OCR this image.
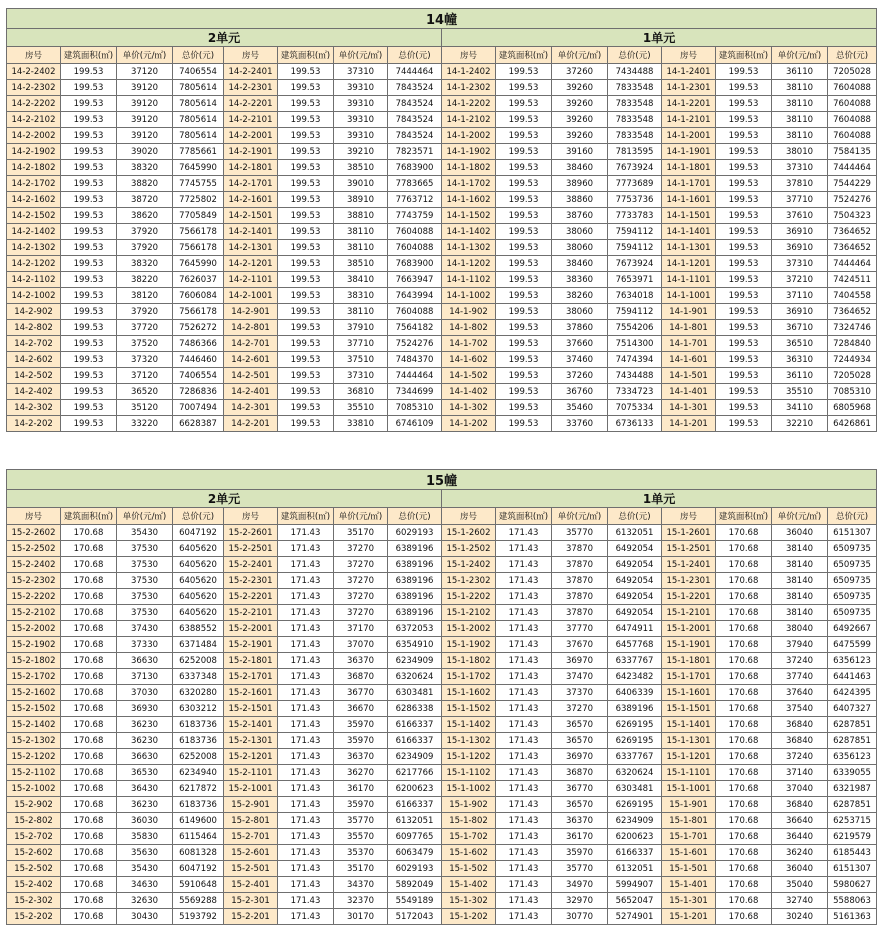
14幢															
2单元								1单元							
房号	建筑面积(㎡)	单价(元/㎡)	总价(元)	房号	建筑面积(㎡)	单价(元/㎡)	总价(元)	房号	建筑面积(㎡)	单价(元/㎡)	总价(元)	房号	建筑面积(㎡)	单价(元/㎡)	总价(元)
14-2-2402	199.53	37120	7406554	14-2-2401	199.53	37310	7444464	14-1-2402	199.53	37260	7434488	14-1-2401	199.53	36110	7205028
14-2-2302	199.53	39120	7805614	14-2-2301	199.53	39310	7843524	14-1-2302	199.53	39260	7833548	14-1-2301	199.53	38110	7604088
14-2-2202	199.53	39120	7805614	14-2-2201	199.53	39310	7843524	14-1-2202	199.53	39260	7833548	14-1-2201	199.53	38110	7604088
14-2-2102	199.53	39120	7805614	14-2-2101	199.53	39310	7843524	14-1-2102	199.53	39260	7833548	14-1-2101	199.53	38110	7604088
14-2-2002	199.53	39120	7805614	14-2-2001	199.53	39310	7843524	14-1-2002	199.53	39260	7833548	14-1-2001	199.53	38110	7604088
14-2-1902	199.53	39020	7785661	14-2-1901	199.53	39210	7823571	14-1-1902	199.53	39160	7813595	14-1-1901	199.53	38010	7584135
14-2-1802	199.53	38320	7645990	14-2-1801	199.53	38510	7683900	14-1-1802	199.53	38460	7673924	14-1-1801	199.53	37310	7444464
14-2-1702	199.53	38820	7745755	14-2-1701	199.53	39010	7783665	14-1-1702	199.53	38960	7773689	14-1-1701	199.53	37810	7544229
14-2-1602	199.53	38720	7725802	14-2-1601	199.53	38910	7763712	14-1-1602	199.53	38860	7753736	14-1-1601	199.53	37710	7524276
14-2-1502	199.53	38620	7705849	14-2-1501	199.53	38810	7743759	14-1-1502	199.53	38760	7733783	14-1-1501	199.53	37610	7504323
14-2-1402	199.53	37920	7566178	14-2-1401	199.53	38110	7604088	14-1-1402	199.53	38060	7594112	14-1-1401	199.53	36910	7364652
14-2-1302	199.53	37920	7566178	14-2-1301	199.53	38110	7604088	14-1-1302	199.53	38060	7594112	14-1-1301	199.53	36910	7364652
14-2-1202	199.53	38320	7645990	14-2-1201	199.53	38510	7683900	14-1-1202	199.53	38460	7673924	14-1-1201	199.53	37310	7444464
14-2-1102	199.53	38220	7626037	14-2-1101	199.53	38410	7663947	14-1-1102	199.53	38360	7653971	14-1-1101	199.53	37210	7424511
14-2-1002	199.53	38120	7606084	14-2-1001	199.53	38310	7643994	14-1-1002	199.53	38260	7634018	14-1-1001	199.53	37110	7404558
14-2-902	199.53	37920	7566178	14-2-901	199.53	38110	7604088	14-1-902	199.53	38060	7594112	14-1-901	199.53	36910	7364652
14-2-802	199.53	37720	7526272	14-2-801	199.53	37910	7564182	14-1-802	199.53	37860	7554206	14-1-801	199.53	36710	7324746
14-2-702	199.53	37520	7486366	14-2-701	199.53	37710	7524276	14-1-702	199.53	37660	7514300	14-1-701	199.53	36510	7284840
14-2-602	199.53	37320	7446460	14-2-601	199.53	37510	7484370	14-1-602	199.53	37460	7474394	14-1-601	199.53	36310	7244934
14-2-502	199.53	37120	7406554	14-2-501	199.53	37310	7444464	14-1-502	199.53	37260	7434488	14-1-501	199.53	36110	7205028
14-2-402	199.53	36520	7286836	14-2-401	199.53	36810	7344699	14-1-402	199.53	36760	7334723	14-1-401	199.53	35510	7085310
14-2-302	199.53	35120	7007494	14-2-301	199.53	35510	7085310	14-1-302	199.53	35460	7075334	14-1-301	199.53	34110	6805968
14-2-202	199.53	33220	6628387	14-2-201	199.53	33810	6746109	14-1-202	199.53	33760	6736133	14-1-201	199.53	32210	6426861
15幢															
2单元								1单元							
房号	建筑面积(㎡)	单价(元/㎡)	总价(元)	房号	建筑面积(㎡)	单价(元/㎡)	总价(元)	房号	建筑面积(㎡)	单价(元/㎡)	总价(元)	房号	建筑面积(㎡)	单价(元/㎡)	总价(元)
15-2-2602	170.68	35430	6047192	15-2-2601	171.43	35170	6029193	15-1-2602	171.43	35770	6132051	15-1-2601	170.68	36040	6151307
15-2-2502	170.68	37530	6405620	15-2-2501	171.43	37270	6389196	15-1-2502	171.43	37870	6492054	15-1-2501	170.68	38140	6509735
15-2-2402	170.68	37530	6405620	15-2-2401	171.43	37270	6389196	15-1-2402	171.43	37870	6492054	15-1-2401	170.68	38140	6509735
15-2-2302	170.68	37530	6405620	15-2-2301	171.43	37270	6389196	15-1-2302	171.43	37870	6492054	15-1-2301	170.68	38140	6509735
15-2-2202	170.68	37530	6405620	15-2-2201	171.43	37270	6389196	15-1-2202	171.43	37870	6492054	15-1-2201	170.68	38140	6509735
15-2-2102	170.68	37530	6405620	15-2-2101	171.43	37270	6389196	15-1-2102	171.43	37870	6492054	15-1-2101	170.68	38140	6509735
15-2-2002	170.68	37430	6388552	15-2-2001	171.43	37170	6372053	15-1-2002	171.43	37770	6474911	15-1-2001	170.68	38040	6492667
15-2-1902	170.68	37330	6371484	15-2-1901	171.43	37070	6354910	15-1-1902	171.43	37670	6457768	15-1-1901	170.68	37940	6475599
15-2-1802	170.68	36630	6252008	15-2-1801	171.43	36370	6234909	15-1-1802	171.43	36970	6337767	15-1-1801	170.68	37240	6356123
15-2-1702	170.68	37130	6337348	15-2-1701	171.43	36870	6320624	15-1-1702	171.43	37470	6423482	15-1-1701	170.68	37740	6441463
15-2-1602	170.68	37030	6320280	15-2-1601	171.43	36770	6303481	15-1-1602	171.43	37370	6406339	15-1-1601	170.68	37640	6424395
15-2-1502	170.68	36930	6303212	15-2-1501	171.43	36670	6286338	15-1-1502	171.43	37270	6389196	15-1-1501	170.68	37540	6407327
15-2-1402	170.68	36230	6183736	15-2-1401	171.43	35970	6166337	15-1-1402	171.43	36570	6269195	15-1-1401	170.68	36840	6287851
15-2-1302	170.68	36230	6183736	15-2-1301	171.43	35970	6166337	15-1-1302	171.43	36570	6269195	15-1-1301	170.68	36840	6287851
15-2-1202	170.68	36630	6252008	15-2-1201	171.43	36370	6234909	15-1-1202	171.43	36970	6337767	15-1-1201	170.68	37240	6356123
15-2-1102	170.68	36530	6234940	15-2-1101	171.43	36270	6217766	15-1-1102	171.43	36870	6320624	15-1-1101	170.68	37140	6339055
15-2-1002	170.68	36430	6217872	15-2-1001	171.43	36170	6200623	15-1-1002	171.43	36770	6303481	15-1-1001	170.68	37040	6321987
15-2-902	170.68	36230	6183736	15-2-901	171.43	35970	6166337	15-1-902	171.43	36570	6269195	15-1-901	170.68	36840	6287851
15-2-802	170.68	36030	6149600	15-2-801	171.43	35770	6132051	15-1-802	171.43	36370	6234909	15-1-801	170.68	36640	6253715
15-2-702	170.68	35830	6115464	15-2-701	171.43	35570	6097765	15-1-702	171.43	36170	6200623	15-1-701	170.68	36440	6219579
15-2-602	170.68	35630	6081328	15-2-601	171.43	35370	6063479	15-1-602	171.43	35970	6166337	15-1-601	170.68	36240	6185443
15-2-502	170.68	35430	6047192	15-2-501	171.43	35170	6029193	15-1-502	171.43	35770	6132051	15-1-501	170.68	36040	6151307
15-2-402	170.68	34630	5910648	15-2-401	171.43	34370	5892049	15-1-402	171.43	34970	5994907	15-1-401	170.68	35040	5980627
15-2-302	170.68	32630	5569288	15-2-301	171.43	32370	5549189	15-1-302	171.43	32970	5652047	15-1-301	170.68	32740	5588063
15-2-202	170.68	30430	5193792	15-2-201	171.43	30170	5172043	15-1-202	171.43	30770	5274901	15-1-201	170.68	30240	5161363
